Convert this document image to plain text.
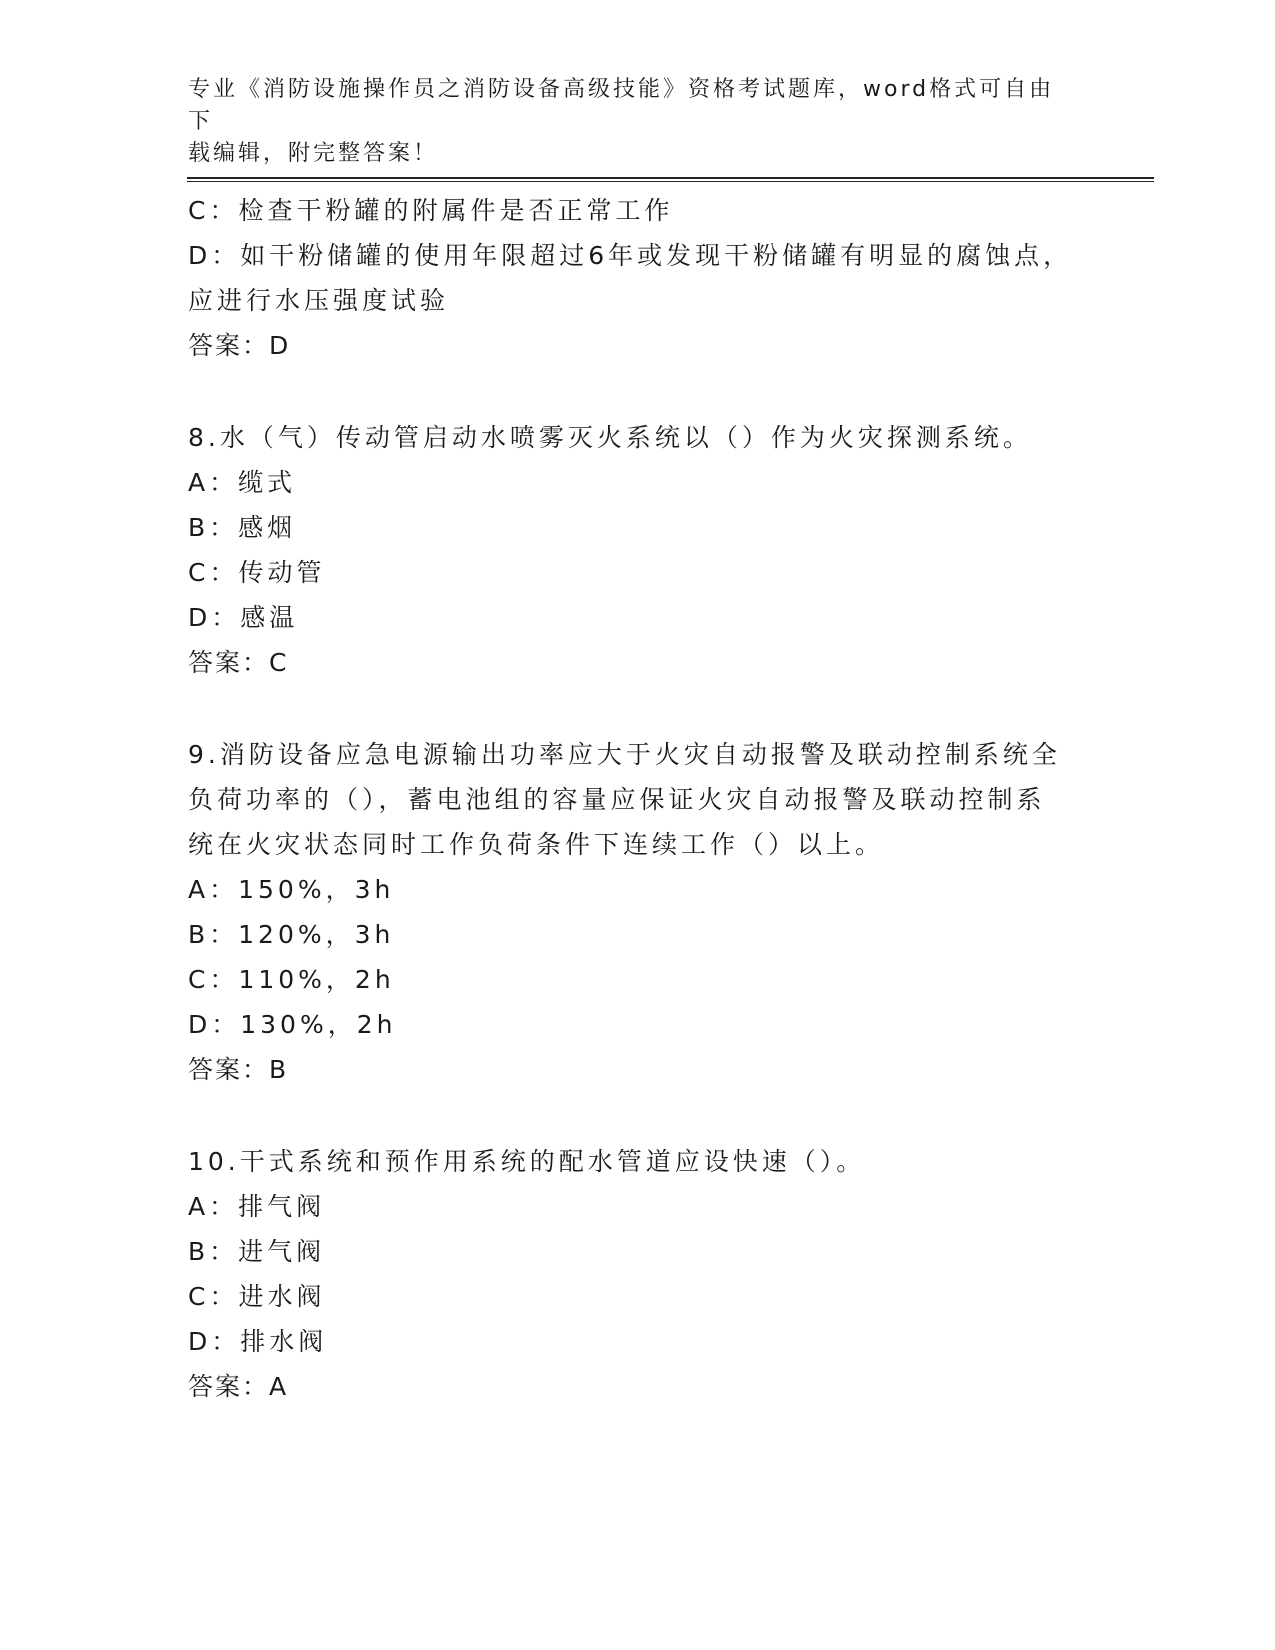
专业《消防设施操作员之消防设备高级技能》资格考试题库，word格式可自由下
载编辑，附完整答案！
C：检查干粉罐的附属件是否正常工作
D：如干粉储罐的使用年限超过6年或发现干粉储罐有明显的腐蚀点，
应进行水压强度试验
答案：D
8.水（气）传动管启动水喷雾灭火系统以（）作为火灾探测系统。
A：缆式
B：感烟
C：传动管
D：感温
答案：C
9.消防设备应急电源输出功率应大于火灾自动报警及联动控制系统全
负荷功率的（），蓄电池组的容量应保证火灾自动报警及联动控制系
统在火灾状态同时工作负荷条件下连续工作（）以上。
A：150%，3h
B：120%，3h
C：110%，2h
D：130%，2h
答案：B
10.干式系统和预作用系统的配水管道应设快速（）。
A：排气阀
B：进气阀
C：进水阀
D：排水阀
答案：A
